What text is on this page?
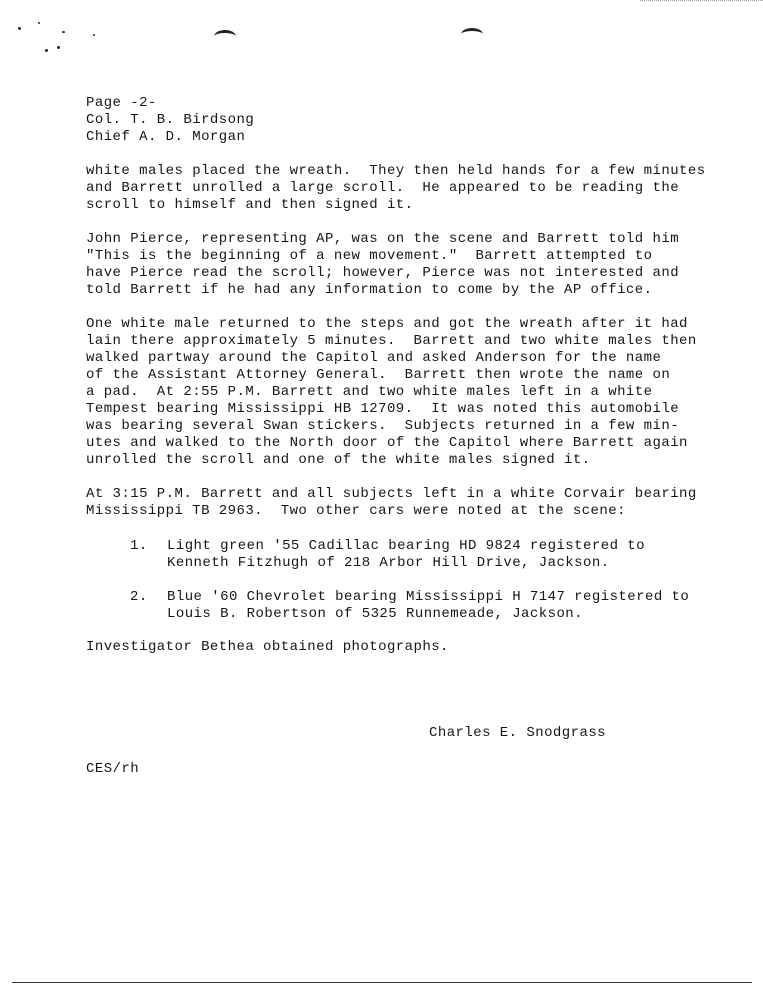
Page -2-
Col. T. B. Birdsong
Chief A. D. Morgan
white males placed the wreath.  They then held hands for a few minutes
and Barrett unrolled a large scroll.  He appeared to be reading the
scroll to himself and then signed it.
John Pierce, representing AP, was on the scene and Barrett told him
"This is the beginning of a new movement."  Barrett attempted to
have Pierce read the scroll; however, Pierce was not interested and
told Barrett if he had any information to come by the AP office.
One white male returned to the steps and got the wreath after it had
lain there approximately 5 minutes.  Barrett and two white males then
walked partway around the Capitol and asked Anderson for the name
of the Assistant Attorney General.  Barrett then wrote the name on
a pad.  At 2:55 P.M. Barrett and two white males left in a white
Tempest bearing Mississippi HB 12709.  It was noted this automobile
was bearing several Swan stickers.  Subjects returned in a few min-
utes and walked to the North door of the Capitol where Barrett again
unrolled the scroll and one of the white males signed it.
At 3:15 P.M. Barrett and all subjects left in a white Corvair bearing
Mississippi TB 2963.  Two other cars were noted at the scene:
1. Light green '55 Cadillac bearing HD 9824 registered to
Kenneth Fitzhugh of 218 Arbor Hill Drive, Jackson.
2. Blue '60 Chevrolet bearing Mississippi H 7147 registered to
Louis B. Robertson of 5325 Runnemeade, Jackson.
Investigator Bethea obtained photographs.
Charles E. Snodgrass
CES/rh
